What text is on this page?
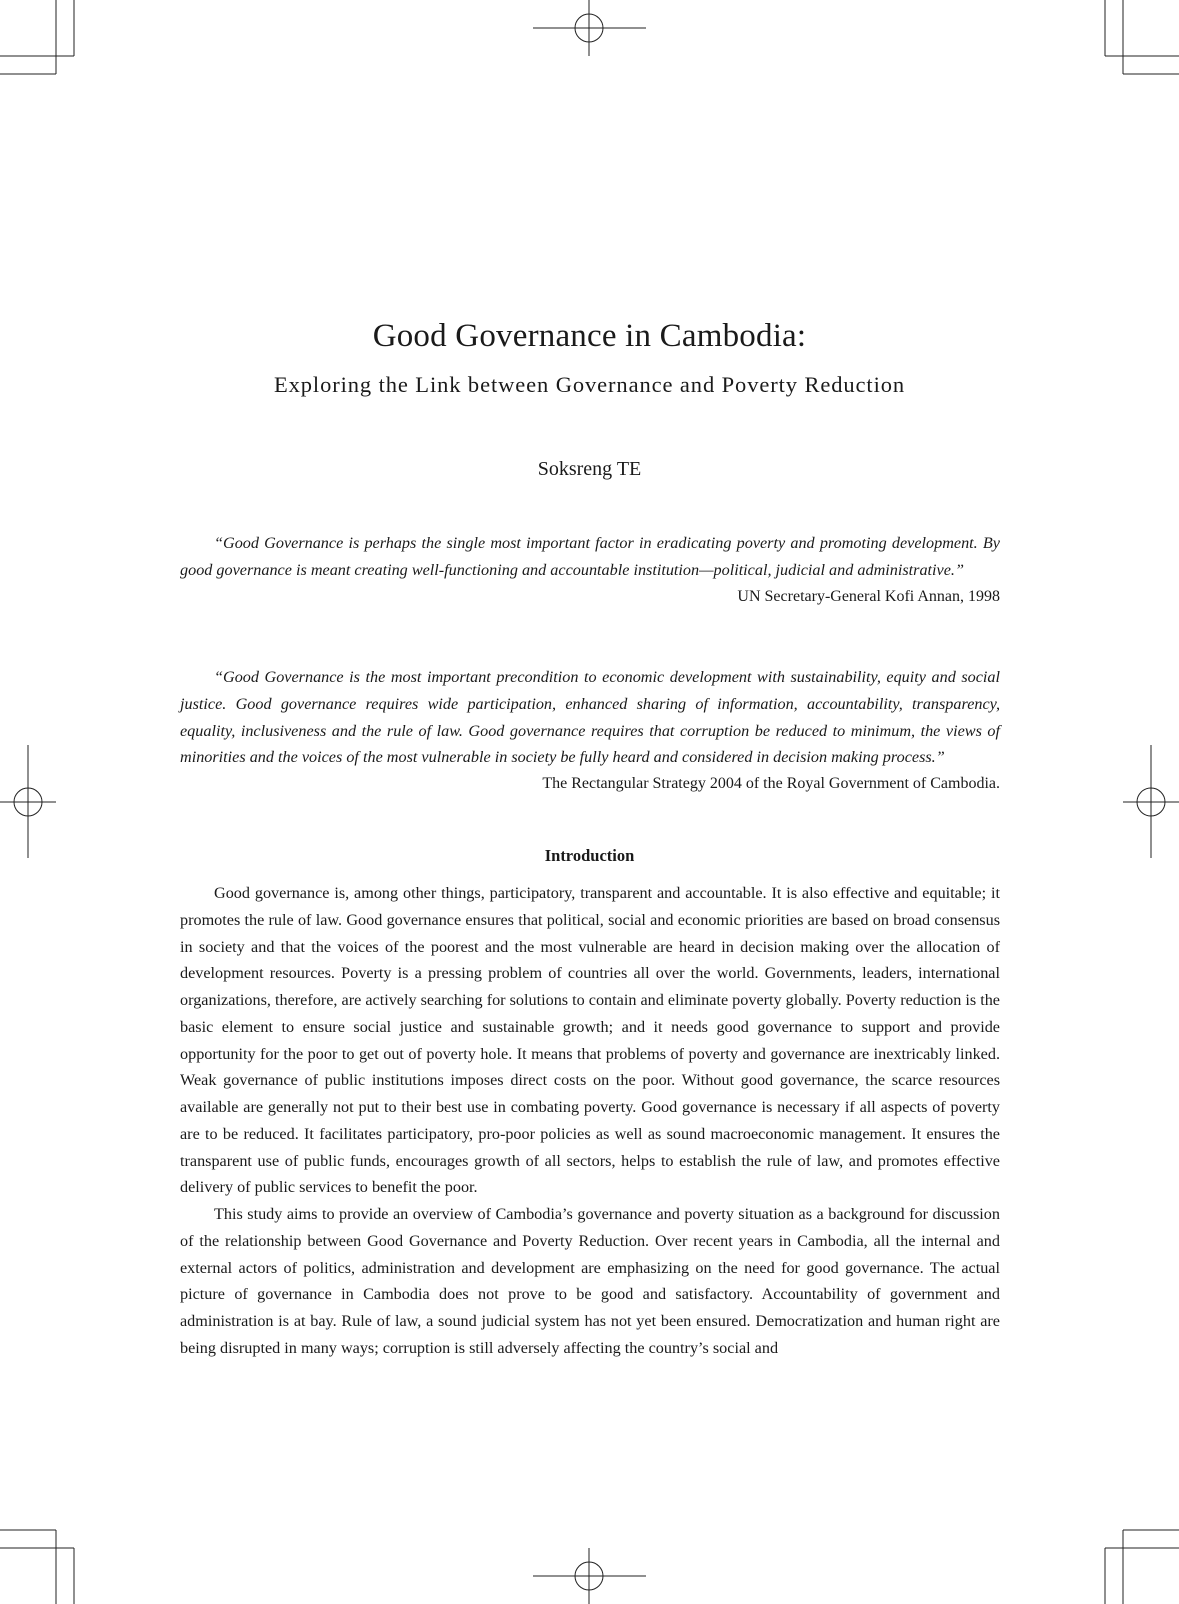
Good Governance in Cambodia:
Exploring the Link between Governance and Poverty Reduction
Soksreng TE

“Good Governance is perhaps the single most important factor in eradicating poverty and promoting development. By good governance is meant creating well-functioning and accountable institution—political, judicial and administrative.”

UN Secretary-General Kofi Annan, 1998

“Good Governance is the most important precondition to economic development with sustainability, equity and social justice. Good governance requires wide participation, enhanced sharing of information, accountability, transparency, equality, inclusiveness and the rule of law. Good governance requires that corruption be reduced to minimum, the views of minorities and the voices of the most vulnerable in society be fully heard and considered in decision making process.”

The Rectangular Strategy 2004 of the Royal Government of Cambodia.

Introduction

Good governance is, among other things, participatory, transparent and accountable. It is also effective and equitable; it promotes the rule of law. Good governance ensures that political, social and economic priorities are based on broad consensus in society and that the voices of the poorest and the most vulnerable are heard in decision making over the allocation of development resources. Poverty is a pressing problem of countries all over the world. Governments, leaders, international organizations, therefore, are actively searching for solutions to contain and eliminate poverty globally. Poverty reduction is the basic element to ensure social justice and sustainable growth; and it needs good governance to support and provide opportunity for the poor to get out of poverty hole. It means that problems of poverty and governance are inextricably linked. Weak governance of public institutions imposes direct costs on the poor. Without good governance, the scarce resources available are generally not put to their best use in combating poverty. Good governance is necessary if all aspects of poverty are to be reduced. It facilitates participatory, pro-poor policies as well as sound macroeconomic management. It ensures the transparent use of public funds, encourages growth of all sectors, helps to establish the rule of law, and promotes effective delivery of public services to benefit the poor.

This study aims to provide an overview of Cambodia’s governance and poverty situation as a background for discussion of the relationship between Good Governance and Poverty Reduction. Over recent years in Cambodia, all the internal and external actors of politics, administration and development are emphasizing on the need for good governance. The actual picture of governance in Cambodia does not prove to be good and satisfactory. Accountability of government and administration is at bay. Rule of law, a sound judicial system has not yet been ensured. Democratization and human right are being disrupted in many ways; corruption is still adversely affecting the country’s social and
